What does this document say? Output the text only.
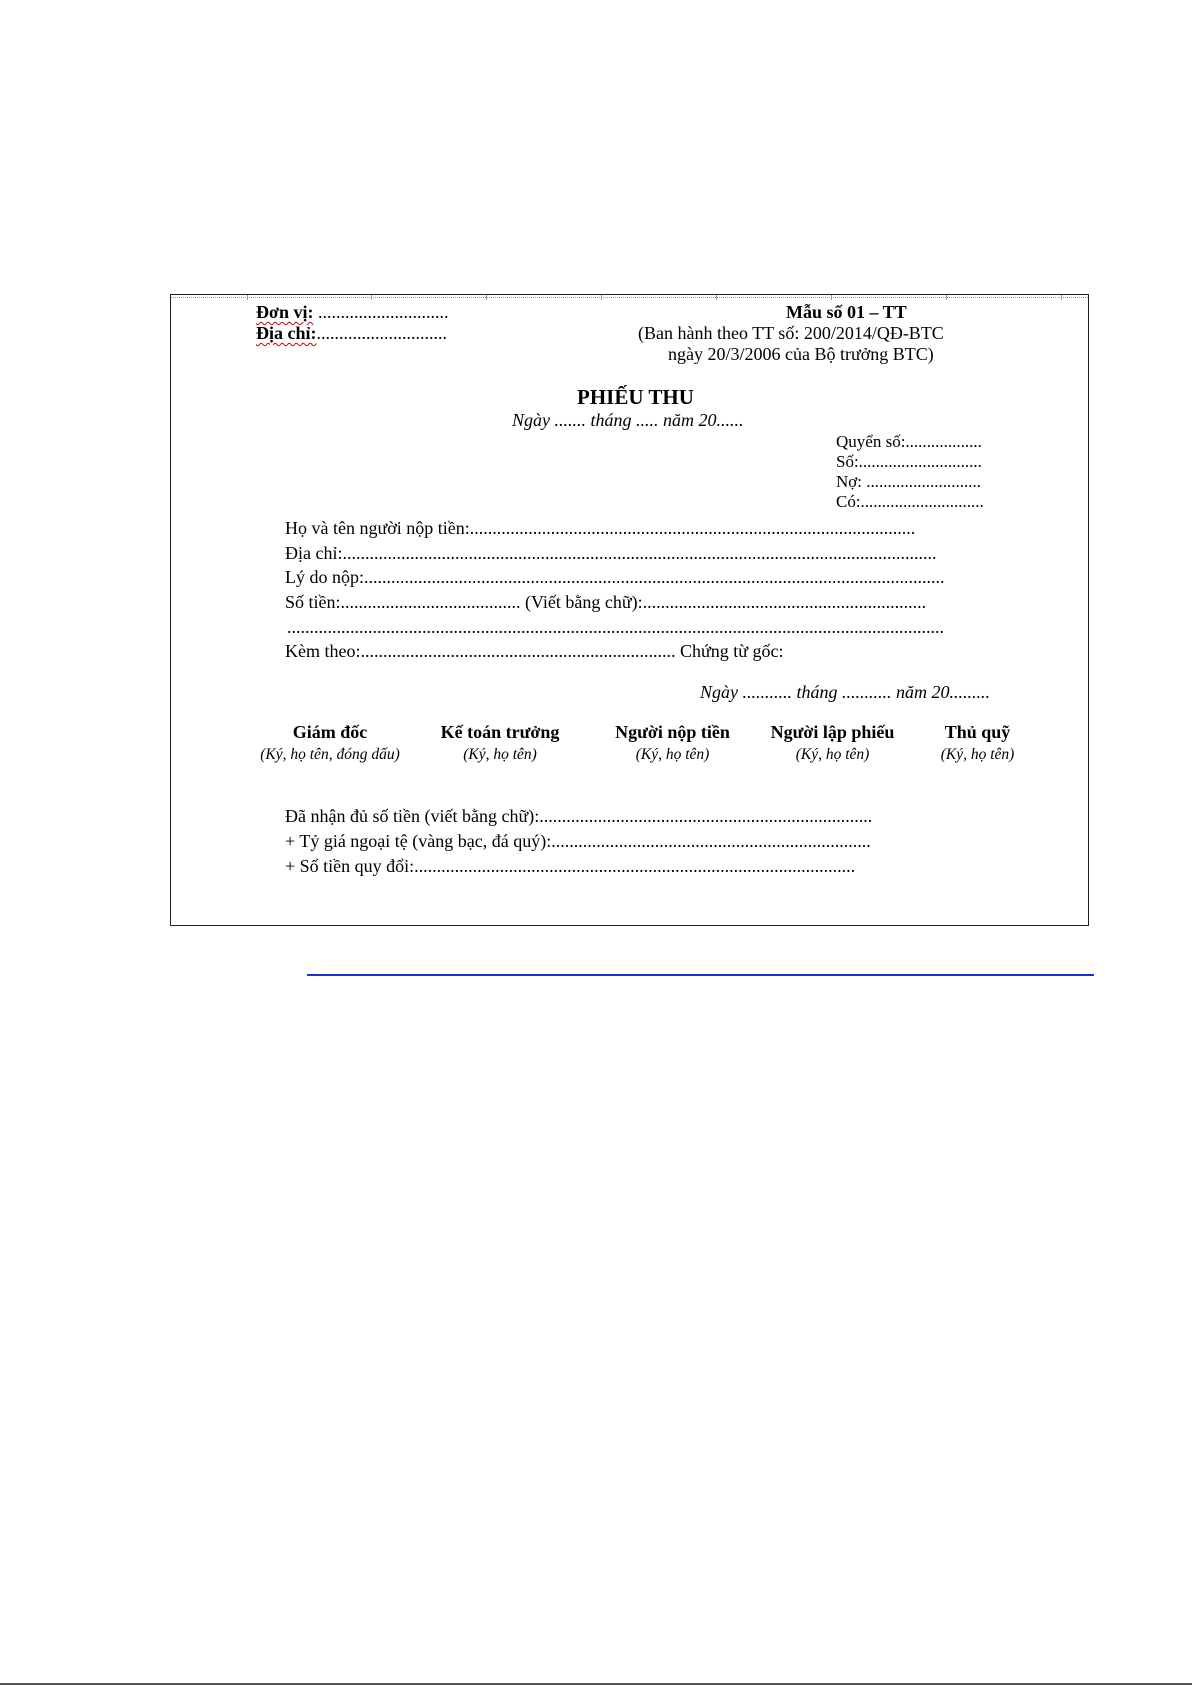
Đơn vị: .............................
Địa chỉ:.............................
Mẫu số 01 – TT
(Ban hành theo TT số: 200/2014/QĐ-BTC
ngày 20/3/2006 của Bộ trưởng BTC)
PHIẾU THU
Ngày ....... tháng ..... năm 20......
Quyển số:..................
Số:.............................
Nợ: ...........................
Có:.............................
Họ và tên người nộp tiền:...................................................................................................
Địa chỉ:....................................................................................................................................
Lý do nộp:.................................................................................................................................
Số tiền:........................................ (Viết bằng chữ):...............................................................
..................................................................................................................................................
Kèm theo:...................................................................... Chứng từ gốc:
Ngày ........... tháng ........... năm 20.........
Giám đốc
(Ký, họ tên, đóng dấu)
Kế toán trưởng
(Ký, họ tên)
Người nộp tiền
(Ký, họ tên)
Người lập phiếu
(Ký, họ tên)
Thủ quỹ
(Ký, họ tên)
Đã nhận đủ số tiền (viết bằng chữ):..........................................................................
+ Tỷ giá ngoại tệ (vàng bạc, đá quý):.......................................................................
+ Số tiền quy đổi:..................................................................................................
